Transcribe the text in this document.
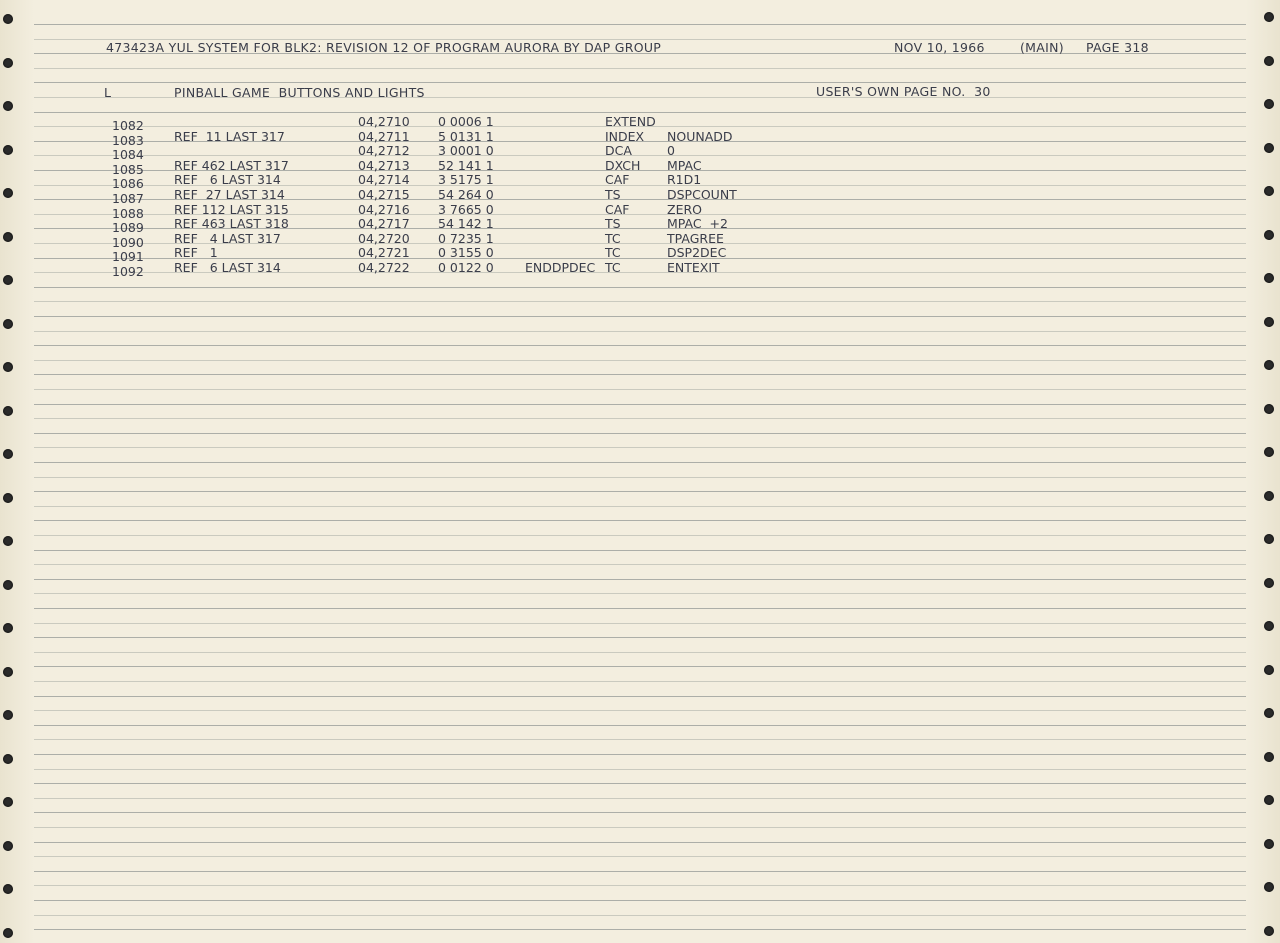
473423A YUL SYSTEM FOR BLK2: REVISION 12 OF PROGRAM AURORA BY DAP GROUP	NOV 10, 1966	(MAIN) PAGE 318
L	PINBALL GAME  BUTTONS AND LIGHTS	USER'S OWN PAGE NO.  30
1082	04,2710 0 0006 1	EXTEND
1083 REF  11 LAST 317	04,2711 5 0131 1	INDEX NOUNADD
1084	04,2712 3 0001 0	DCA	0
1085 REF 462 LAST 317	04,2713 52 141 1	DXCH MPAC
1086 REF   6 LAST 314	04,2714 3 5175 1	CAF	R1D1
1087 REF  27 LAST 314	04,2715 54 264 0	TS	DSPCOUNT
1088 REF 112 LAST 315	04,2716 3 7665 0	CAF	ZERO
1089 REF 463 LAST 318	04,2717 54 142 1	TS	MPAC  +2
1090 REF   4 LAST 317	04,2720 0 7235 1	TC	TPAGREE
1091 REF   1	04,2721 0 3155 0	TC	DSP2DEC
1092 REF   6 LAST 314	04,2722 0 0122 0	ENDDPDEC TC	ENTEXIT
